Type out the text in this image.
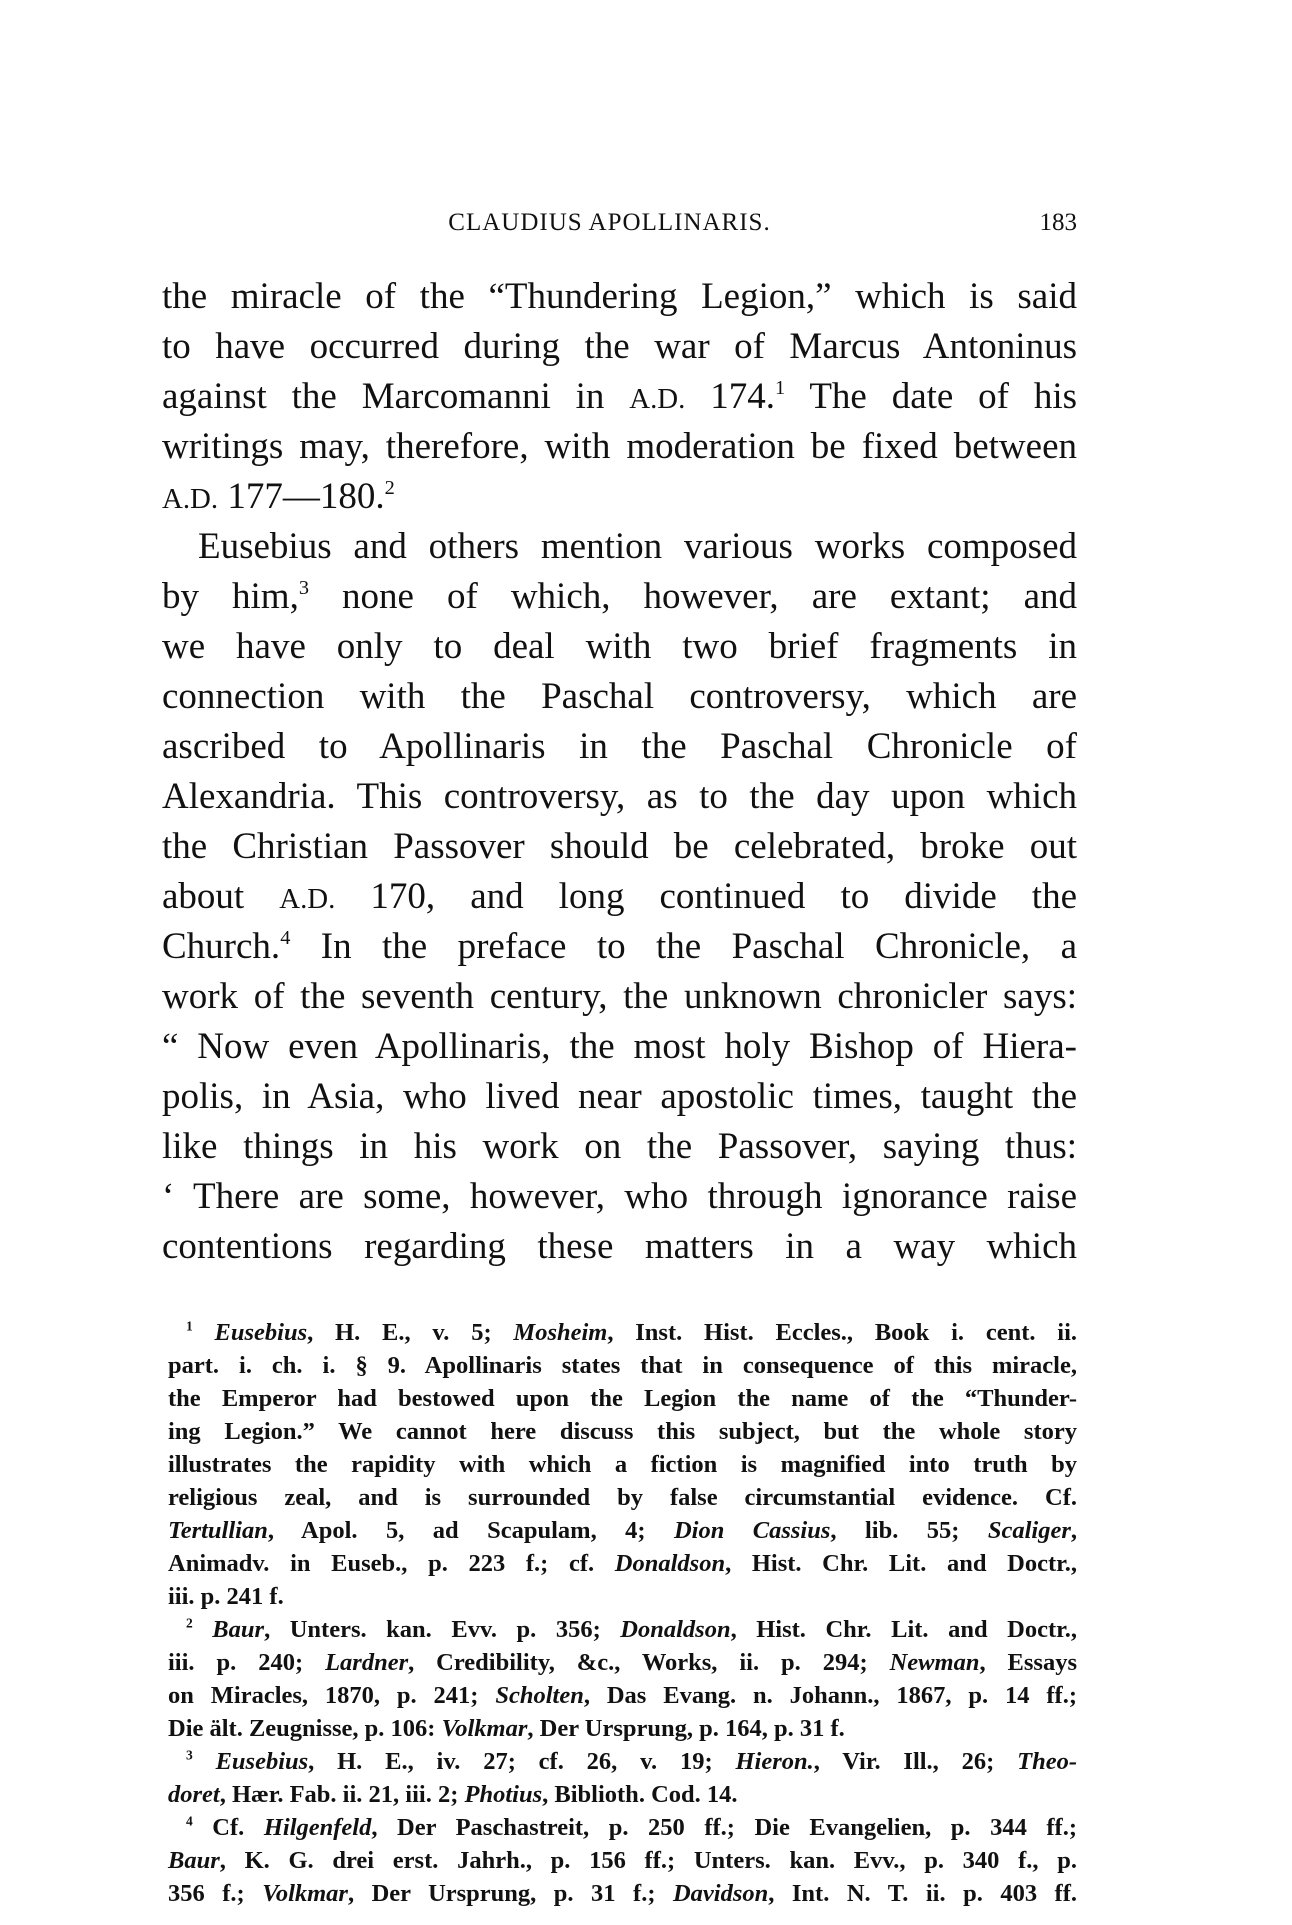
CLAUDIUS APOLLINARIS.	183
the miracle of the “Thundering Legion,” which is said
to have occurred during the war of Marcus Antoninus
against the Marcomanni in A.D. 174.$^1$ The date of his
writings may, therefore, with moderation be fixed between
A.D. 177—180.$^2$
Eusebius and others mention various works composed
by him,$^3$ none of which, however, are extant; and
we have only to deal with two brief fragments in
connection with the Paschal controversy, which are
ascribed to Apollinaris in the Paschal Chronicle of
Alexandria. This controversy, as to the day upon which
the Christian Passover should be celebrated, broke out
about A.D. 170, and long continued to divide the
Church.$^4$ In the preface to the Paschal Chronicle, a
work of the seventh century, the unknown chronicler says:
“ Now even Apollinaris, the most holy Bishop of Hiera-
polis, in Asia, who lived near apostolic times, taught the
like things in his work on the Passover, saying thus:
‘ There are some, however, who through ignorance raise
contentions regarding these matters in a way which
$^1$ Eusebius, H. E., v. 5; Mosheim, Inst. Hist. Eccles., Book i. cent. ii.
part. i. ch. i. § 9. Apollinaris states that in consequence of this miracle,
the Emperor had bestowed upon the Legion the name of the “Thunder-
ing Legion.” We cannot here discuss this subject, but the whole story
illustrates the rapidity with which a fiction is magnified into truth by
religious zeal, and is surrounded by false circumstantial evidence. Cf.
Tertullian, Apol. 5, ad Scapulam, 4; Dion Cassius, lib. 55; Scaliger,
Animadv. in Euseb., p. 223 f.; cf. Donaldson, Hist. Chr. Lit. and Doctr.,
iii. p. 241 f.
$^2$ Baur, Unters. kan. Evv. p. 356; Donaldson, Hist. Chr. Lit. and Doctr.,
iii. p. 240; Lardner, Credibility, &c., Works, ii. p. 294; Newman, Essays
on Miracles, 1870, p. 241; Scholten, Das Evang. n. Johann., 1867, p. 14 ff.;
Die ält. Zeugnisse, p. 106: Volkmar, Der Ursprung, p. 164, p. 31 f.
$^3$ Eusebius, H. E., iv. 27; cf. 26, v. 19; Hieron., Vir. Ill., 26; Theo-
doret, Hær. Fab. ii. 21, iii. 2; Photius, Biblioth. Cod. 14.
$^4$ Cf. Hilgenfeld, Der Paschastreit, p. 250 ff.; Die Evangelien, p. 344 ff.;
Baur, K. G. drei erst. Jahrh., p. 156 ff.; Unters. kan. Evv., p. 340 f., p.
356 f.; Volkmar, Der Ursprung, p. 31 f.; Davidson, Int. N. T. ii. p. 403 ff.
